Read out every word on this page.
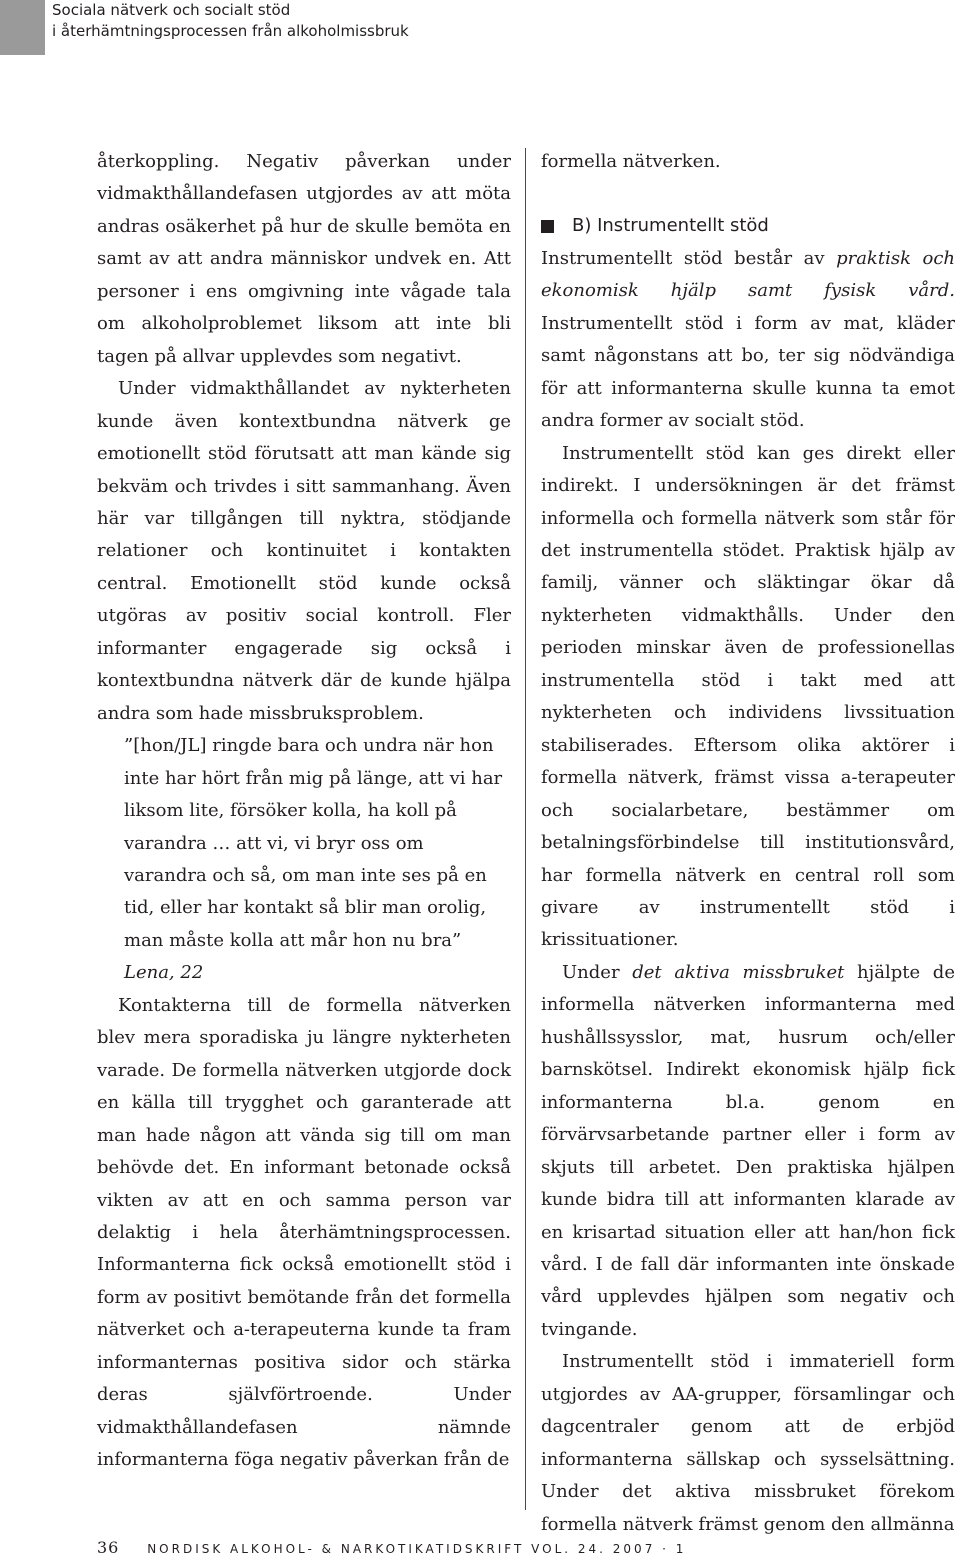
Sociala nätverk och socialt stöd
i återhämtningsprocessen från alkoholmissbruk

återkoppling. Negativ påverkan under vidmakthållandefasen utgjordes av att möta andras osäkerhet på hur de skulle bemöta en samt av att andra människor undvek en. Att personer i ens omgivning inte vågade tala om alkoholproblemet liksom att inte bli tagen på allvar upplevdes som negativt.

Under vidmakthållandet av nykterheten kunde även kontextbundna nätverk ge emotionellt stöd förutsatt att man kände sig bekväm och trivdes i sitt sammanhang. Även här var tillgången till nyktra, stödjande relationer och kontinuitet i kontakten central. Emotionellt stöd kunde också utgöras av positiv social kontroll. Fler informanter engagerade sig också i kontextbundna nätverk där de kunde hjälpa andra som hade missbruksproblem.

”[hon/JL] ringde bara och undra när hon inte har hört från mig på länge, att vi har liksom lite, försöker kolla, ha koll på varandra … att vi, vi bryr oss om varandra och så, om man inte ses på en tid, eller har kontakt så blir man orolig, man måste kolla att mår hon nu bra” Lena, 22

Kontakterna till de formella nätverken blev mera sporadiska ju längre nykterheten varade. De formella nätverken utgjorde dock en källa till trygghet och garanterade att man hade någon att vända sig till om man behövde det. En informant betonade också vikten av att en och samma person var delaktig i hela återhämtningsprocessen. Informanterna fick också emotionellt stöd i form av positivt bemötande från det formella nätverket och a-terapeuterna kunde ta fram informanternas positiva sidor och stärka deras självförtroende. Under vidmakthållandefasen nämnde informanterna föga negativ påverkan från de

formella nätverken.

B) Instrumentellt stöd

Instrumentellt stöd består av praktisk och ekonomisk hjälp samt fysisk vård. Instrumentellt stöd i form av mat, kläder samt någonstans att bo, ter sig nödvändiga för att informanterna skulle kunna ta emot andra former av socialt stöd.

Instrumentellt stöd kan ges direkt eller indirekt. I undersökningen är det främst informella och formella nätverk som står för det instrumentella stödet. Praktisk hjälp av familj, vänner och släktingar ökar då nykterheten vidmakthålls. Under den perioden minskar även de professionellas instrumentella stöd i takt med att nykterheten och individens livssituation stabiliserades. Eftersom olika aktörer i formella nätverk, främst vissa a-terapeuter och socialarbetare, bestämmer om betalningsförbindelse till institutionsvård, har formella nätverk en central roll som givare av instrumentellt stöd i krissituationer.

Under det aktiva missbruket hjälpte de informella nätverken informanterna med hushållssysslor, mat, husrum och/eller barnskötsel. Indirekt ekonomisk hjälp fick informanterna bl.a. genom en förvärvsarbetande partner eller i form av skjuts till arbetet. Den praktiska hjälpen kunde bidra till att informanten klarade av en krisartad situation eller att han/hon fick vård. I de fall där informanten inte önskade vård upplevdes hjälpen som negativ och tvingande.

Instrumentellt stöd i immateriell form utgjordes av AA-grupper, församlingar och dagcentraler genom att de erbjöd informanterna sällskap och sysselsättning. Under det aktiva missbruket förekom formella nätverk främst genom den allmänna

36 NORDISK ALKOHOL- & NARKOTIKATIDSKRIFT VOL. 24. 2007 · 1
